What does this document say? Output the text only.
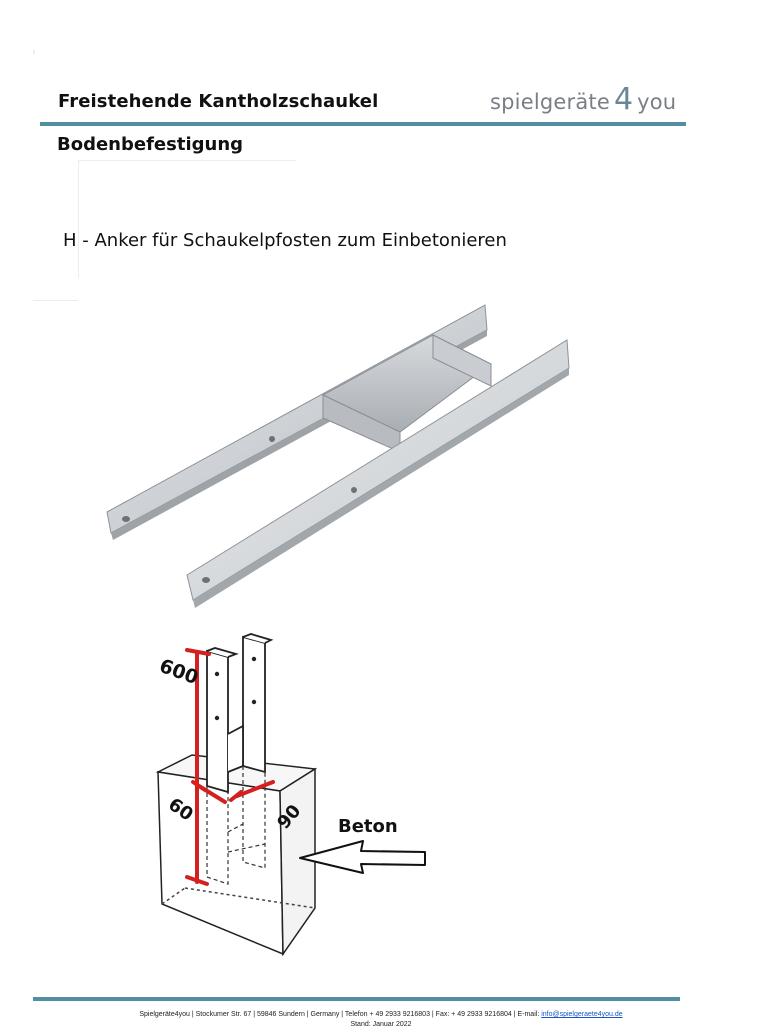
Freistehende Kantholzschaukel	spiel geräte 4 you
Bodenbefestigung
H - Anker für Schaukelpfosten zum Einbetonieren
600
60	90 Beton
Spielgeräte4you | Stockumer Str. 67 | 59846 Sundern | Germany | Telefon + 49 2933 9216803 | Fax: + 49 2933 9216804 | E-mail: info@spielgeraete4you.de
Stand: Januar 2022
